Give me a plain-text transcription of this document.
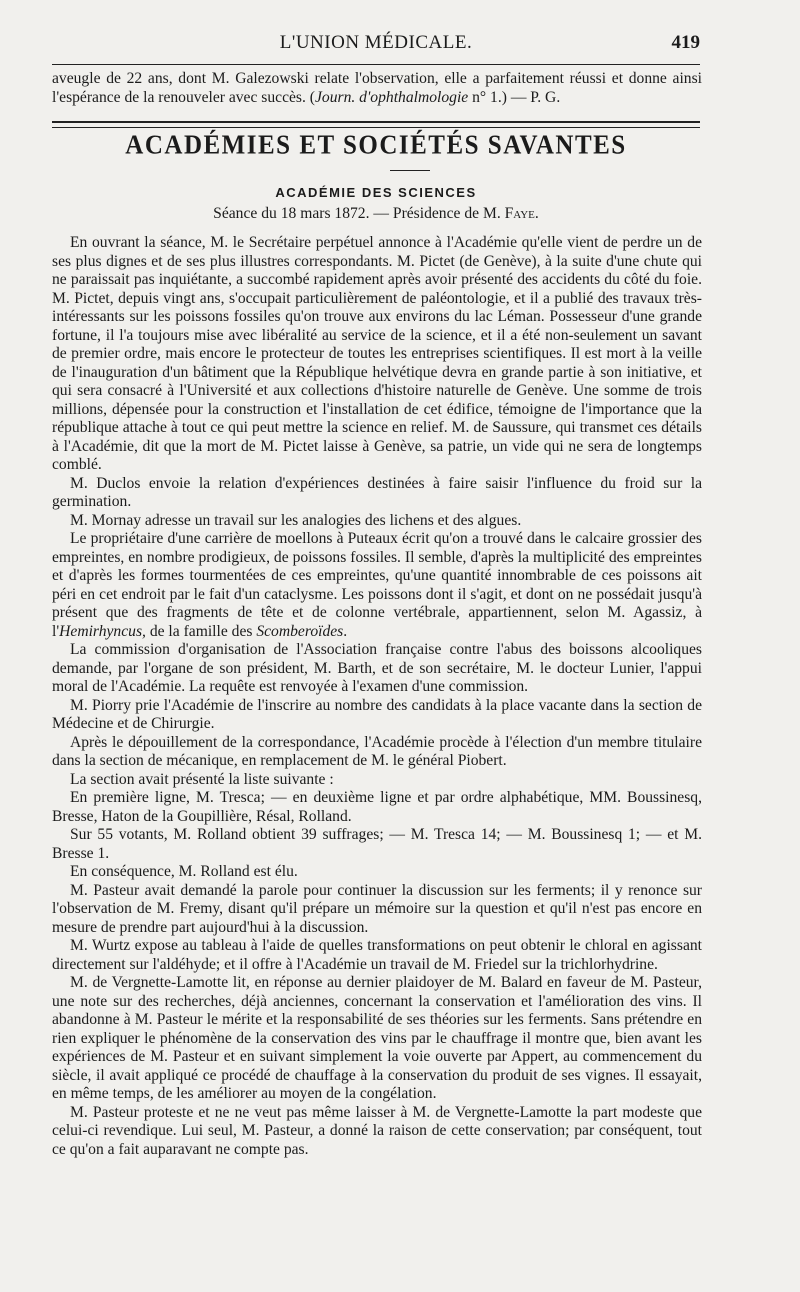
L'UNION MÉDICALE.	419

aveugle de 22 ans, dont M. Galezowski relate l'observation, elle a parfaitement réussi et donne ainsi l'espérance de la renouveler avec succès. (Journ. d'ophthalmologie n° 1.) — P. G.

ACADÉMIES ET SOCIÉTÉS SAVANTES
ACADÉMIE DES SCIENCES
Séance du 18 mars 1872. — Présidence de M. Faye.

En ouvrant la séance, M. le Secrétaire perpétuel annonce à l'Académie qu'elle vient de perdre un de ses plus dignes et de ses plus illustres correspondants. M. Pictet (de Genève), à la suite d'une chute qui ne paraissait pas inquiétante, a succombé rapidement après avoir présenté des accidents du côté du foie. M. Pictet, depuis vingt ans, s'occupait particulièrement de paléontologie, et il a publié des travaux très-intéressants sur les poissons fossiles qu'on trouve aux environs du lac Léman. Possesseur d'une grande fortune, il l'a toujours mise avec libéralité au service de la science, et il a été non-seulement un savant de premier ordre, mais encore le protecteur de toutes les entreprises scientifiques. Il est mort à la veille de l'inauguration d'un bâtiment que la République helvétique devra en grande partie à son initiative, et qui sera consacré à l'Université et aux collections d'histoire naturelle de Genève. Une somme de trois millions, dépensée pour la construction et l'installation de cet édifice, témoigne de l'importance que la république attache à tout ce qui peut mettre la science en relief. M. de Saussure, qui transmet ces détails à l'Académie, dit que la mort de M. Pictet laisse à Genève, sa patrie, un vide qui ne sera de longtemps comblé.

M. Duclos envoie la relation d'expériences destinées à faire saisir l'influence du froid sur la germination.

M. Mornay adresse un travail sur les analogies des lichens et des algues.

Le propriétaire d'une carrière de moellons à Puteaux écrit qu'on a trouvé dans le calcaire grossier des empreintes, en nombre prodigieux, de poissons fossiles. Il semble, d'après la multiplicité des empreintes et d'après les formes tourmentées de ces empreintes, qu'une quantité innombrable de ces poissons ait péri en cet endroit par le fait d'un cataclysme. Les poissons dont il s'agit, et dont on ne possédait jusqu'à présent que des fragments de tête et de colonne vertébrale, appartiennent, selon M. Agassiz, à l'Hemirhyncus, de la famille des Scomberoïdes.

La commission d'organisation de l'Association française contre l'abus des boissons alcooliques demande, par l'organe de son président, M. Barth, et de son secrétaire, M. le docteur Lunier, l'appui moral de l'Académie. La requête est renvoyée à l'examen d'une commission.

M. Piorry prie l'Académie de l'inscrire au nombre des candidats à la place vacante dans la section de Médecine et de Chirurgie.

Après le dépouillement de la correspondance, l'Académie procède à l'élection d'un membre titulaire dans la section de mécanique, en remplacement de M. le général Piobert.

La section avait présenté la liste suivante :

En première ligne, M. Tresca; — en deuxième ligne et par ordre alphabétique, MM. Boussinesq, Bresse, Haton de la Goupillière, Résal, Rolland.

Sur 55 votants, M. Rolland obtient 39 suffrages; — M. Tresca 14; — M. Boussinesq 1; — et M. Bresse 1.

En conséquence, M. Rolland est élu.

M. Pasteur avait demandé la parole pour continuer la discussion sur les ferments; il y renonce sur l'observation de M. Fremy, disant qu'il prépare un mémoire sur la question et qu'il n'est pas encore en mesure de prendre part aujourd'hui à la discussion.

M. Wurtz expose au tableau à l'aide de quelles transformations on peut obtenir le chloral en agissant directement sur l'aldéhyde; et il offre à l'Académie un travail de M. Friedel sur la trichlorhydrine.

M. de Vergnette-Lamotte lit, en réponse au dernier plaidoyer de M. Balard en faveur de M. Pasteur, une note sur des recherches, déjà anciennes, concernant la conservation et l'amélioration des vins. Il abandonne à M. Pasteur le mérite et la responsabilité de ses théories sur les ferments. Sans prétendre en rien expliquer le phénomène de la conservation des vins par le chauffrage il montre que, bien avant les expériences de M. Pasteur et en suivant simplement la voie ouverte par Appert, au commencement du siècle, il avait appliqué ce procédé de chauffage à la conservation du produit de ses vignes. Il essayait, en même temps, de les améliorer au moyen de la congélation.

M. Pasteur proteste et ne ne veut pas même laisser à M. de Vergnette-Lamotte la part modeste que celui-ci revendique. Lui seul, M. Pasteur, a donné la raison de cette conservation; par conséquent, tout ce qu'on a fait auparavant ne compte pas.
